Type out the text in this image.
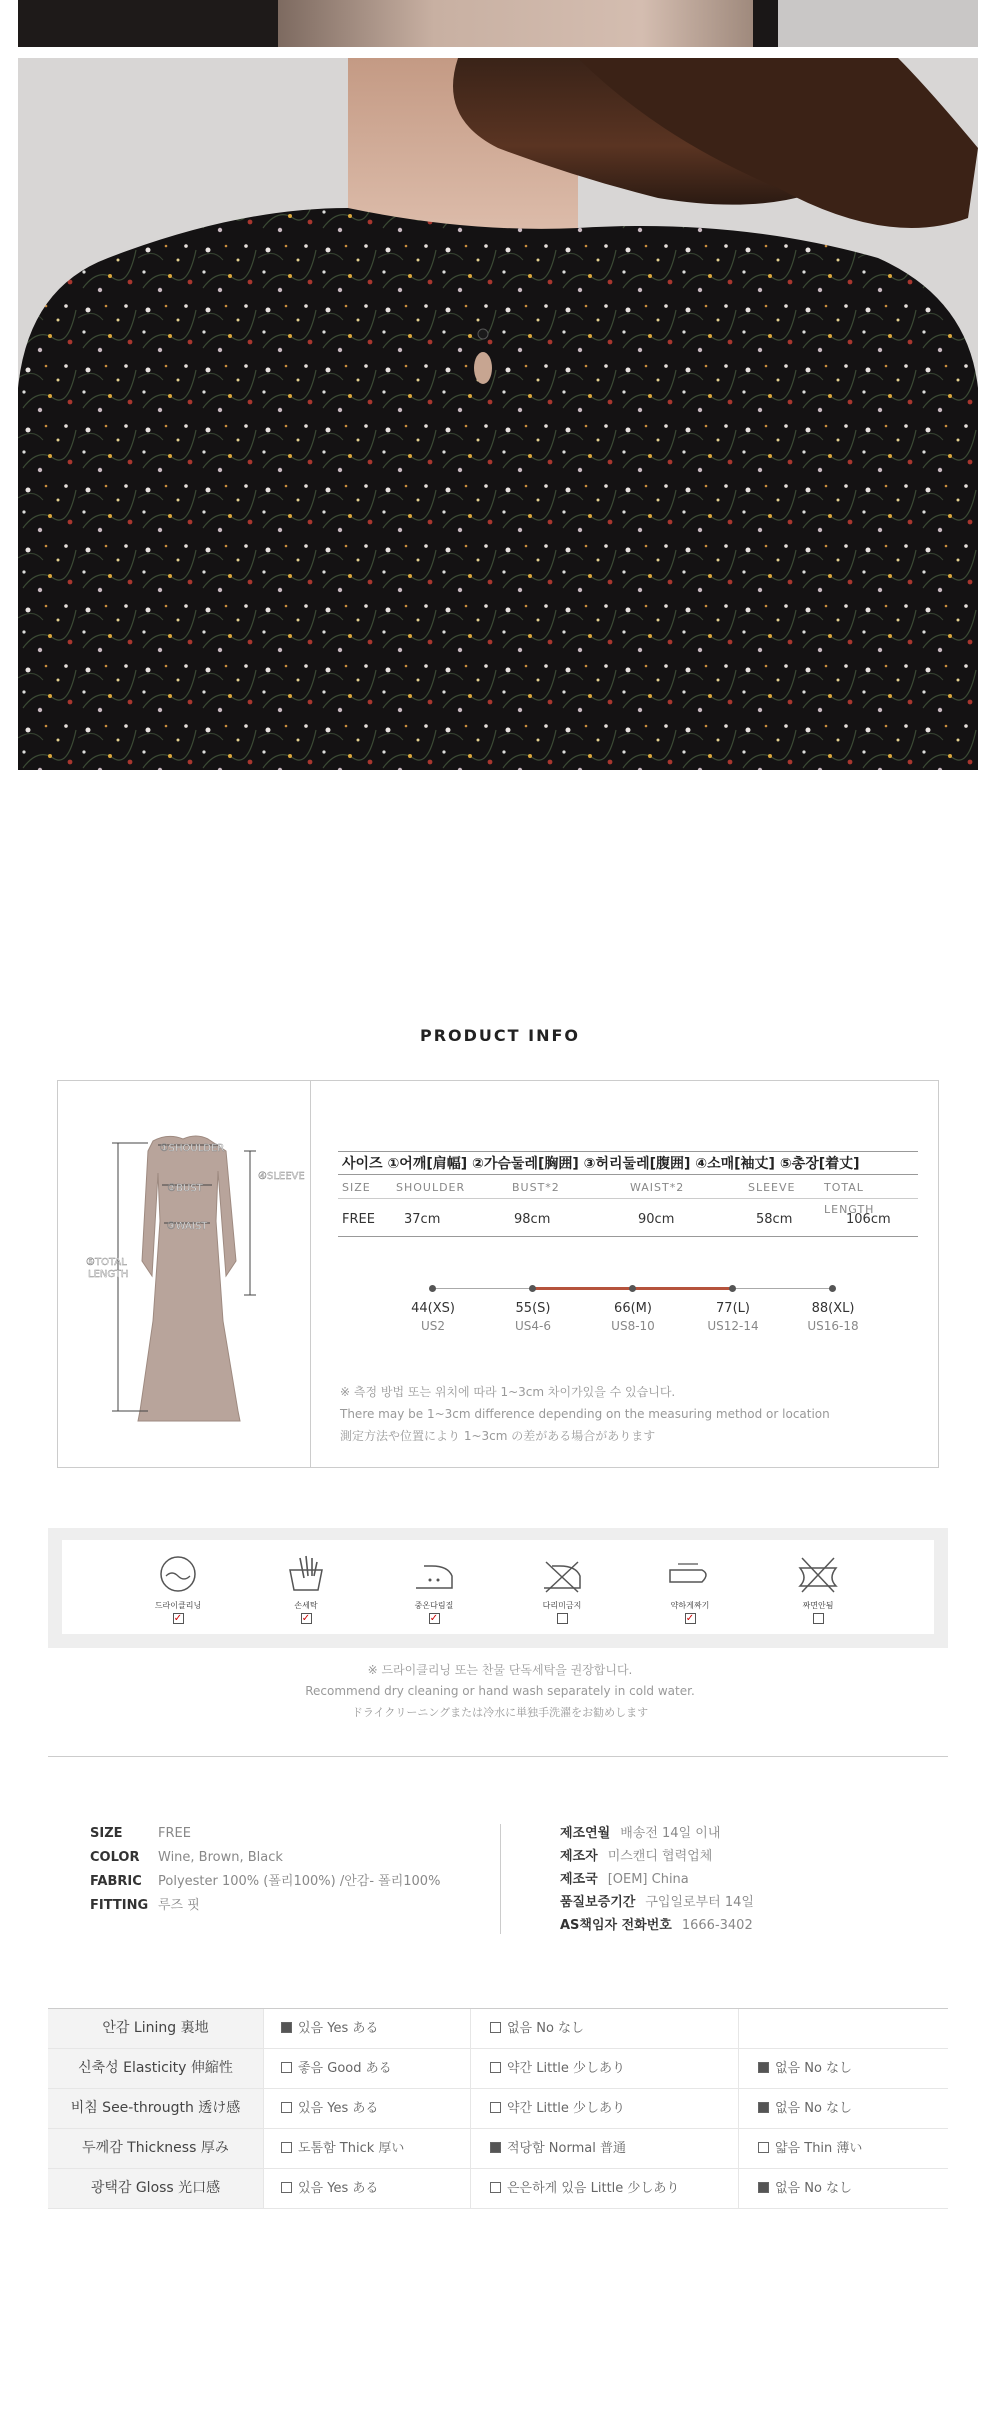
PRODUCT INFO
①SHOULDER
②BUST
③WAIST
④SLEEVE
⑤TOTAL
LENGTH
사이즈 ①어깨[肩幅] ②가슴둘레[胸囲] ③허리둘레[腹囲] ④소매[袖丈] ⑤총장[着丈]
SIZE SHOULDER	BUST*2	WAIST*2	SLEEVE	TOTAL LENGTH
FREE 37cm	98cm	90cm	58cm	106cm
44(XS)	55(S)	66(M)	77(L)	88(XL)
US2	US4-6	US8-10	US12-14	US16-18
※ 측정 방법 또는 위치에 따라 1~3cm 차이가있을 수 있습니다.
There may be 1~3cm difference depending on the measuring method or location
測定方法や位置により 1~3cm の差がある場合があります
드라이클리닝
✓
손세탁
✓
중온다림질
✓
다리미금지	약하게짜기
✓
짜면안됨
※ 드라이클리닝 또는 찬물 단독세탁을 권장합니다.
Recommend dry cleaning or hand wash separately in cold water.
ドライクリーニングまたは冷水に単独手洗濯をお勧めします
SIZE	FREE
COLOR Wine, Brown, Black
FABRIC Polyester 100% (폴리100%) /안감- 폴리100%
FITTING 루즈 핏
제조연월 배송전 14일 이내
제조자 미스캔디 협력업체
제조국 [OEM] China
품질보증기간 구입일로부터 14일
AS책임자 전화번호 1666-3402
안감 Lining 裏地	있음 Yes ある	없음 No なし
신축성 Elasticity 伸縮性	좋음 Good ある	약간 Little 少しあり	없음 No なし
비침 See-througth 透け感	있음 Yes ある	약간 Little 少しあり	없음 No なし
두께감 Thickness 厚み	도톰함 Thick 厚い	적당함 Normal 普通	얇음 Thin 薄い
광택감 Gloss 光口感	있음 Yes ある	은은하게 있음 Little 少しあり	없음 No なし
